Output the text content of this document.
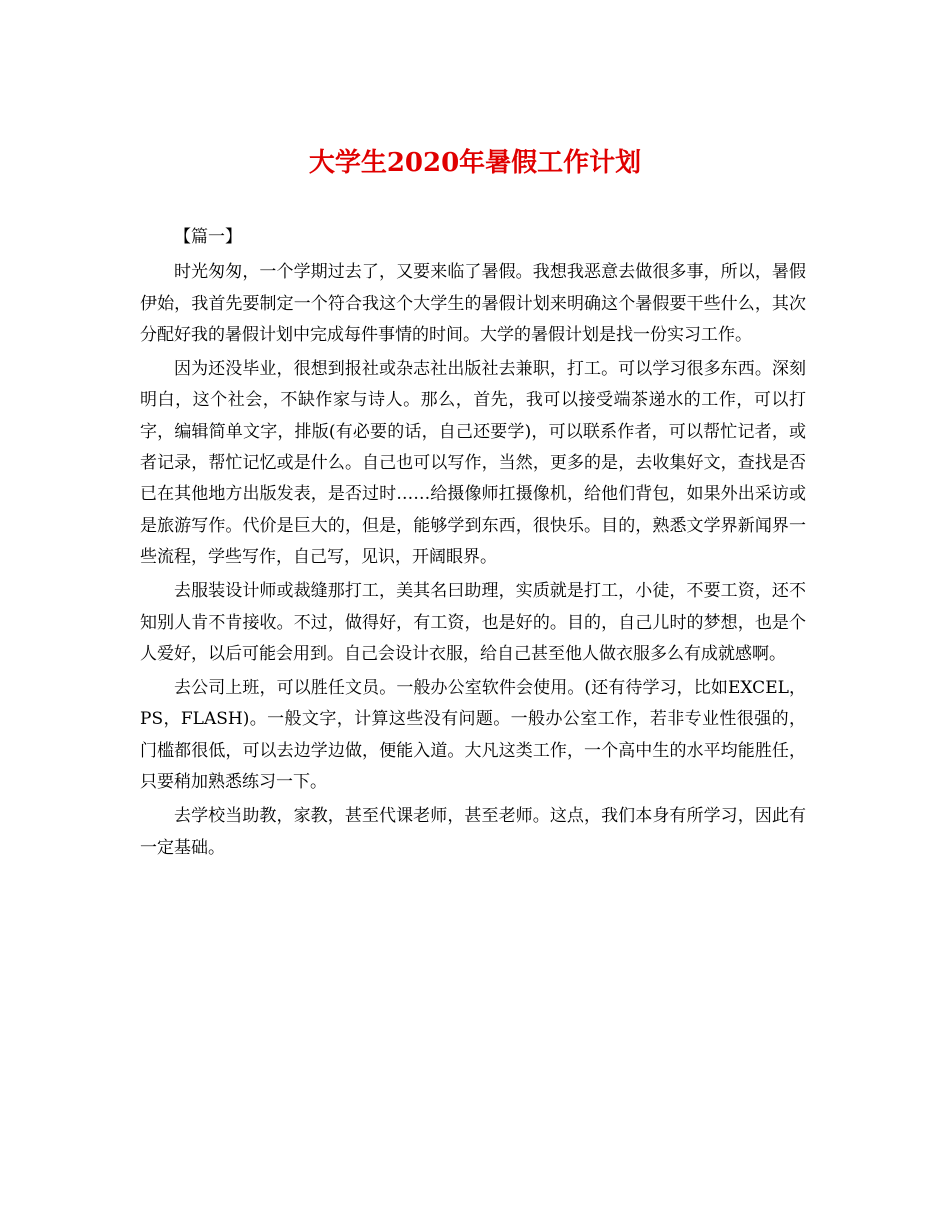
大学生2020年暑假工作计划

【篇一】

时光匆匆，一个学期过去了，又要来临了暑假。我想我恶意去做很多事，所以，暑假伊始，我首先要制定一个符合我这个大学生的暑假计划来明确这个暑假要干些什么，其次分配好我的暑假计划中完成每件事情的时间。大学的暑假计划是找一份实习工作。

因为还没毕业，很想到报社或杂志社出版社去兼职，打工。可以学习很多东西。深刻明白，这个社会，不缺作家与诗人。那么，首先，我可以接受端茶递水的工作，可以打字，编辑简单文字，排版(有必要的话，自己还要学)，可以联系作者，可以帮忙记者，或者记录，帮忙记忆或是什么。自己也可以写作，当然，更多的是，去收集好文，查找是否已在其他地方出版发表，是否过时……给摄像师扛摄像机，给他们背包，如果外出采访或是旅游写作。代价是巨大的，但是，能够学到东西，很快乐。目的，熟悉文学界新闻界一些流程，学些写作，自己写，见识，开阔眼界。

去服装设计师或裁缝那打工，美其名曰助理，实质就是打工，小徒，不要工资，还不知别人肯不肯接收。不过，做得好，有工资，也是好的。目的，自己儿时的梦想，也是个人爱好，以后可能会用到。自己会设计衣服，给自己甚至他人做衣服多么有成就感啊。

去公司上班，可以胜任文员。一般办公室软件会使用。(还有待学习，比如EXCEL，PS，FLASH)。一般文字，计算这些没有问题。一般办公室工作，若非专业性很强的，门槛都很低，可以去边学边做，便能入道。大凡这类工作，一个高中生的水平均能胜任，只要稍加熟悉练习一下。

去学校当助教，家教，甚至代课老师，甚至老师。这点，我们本身有所学习，因此有一定基础。
